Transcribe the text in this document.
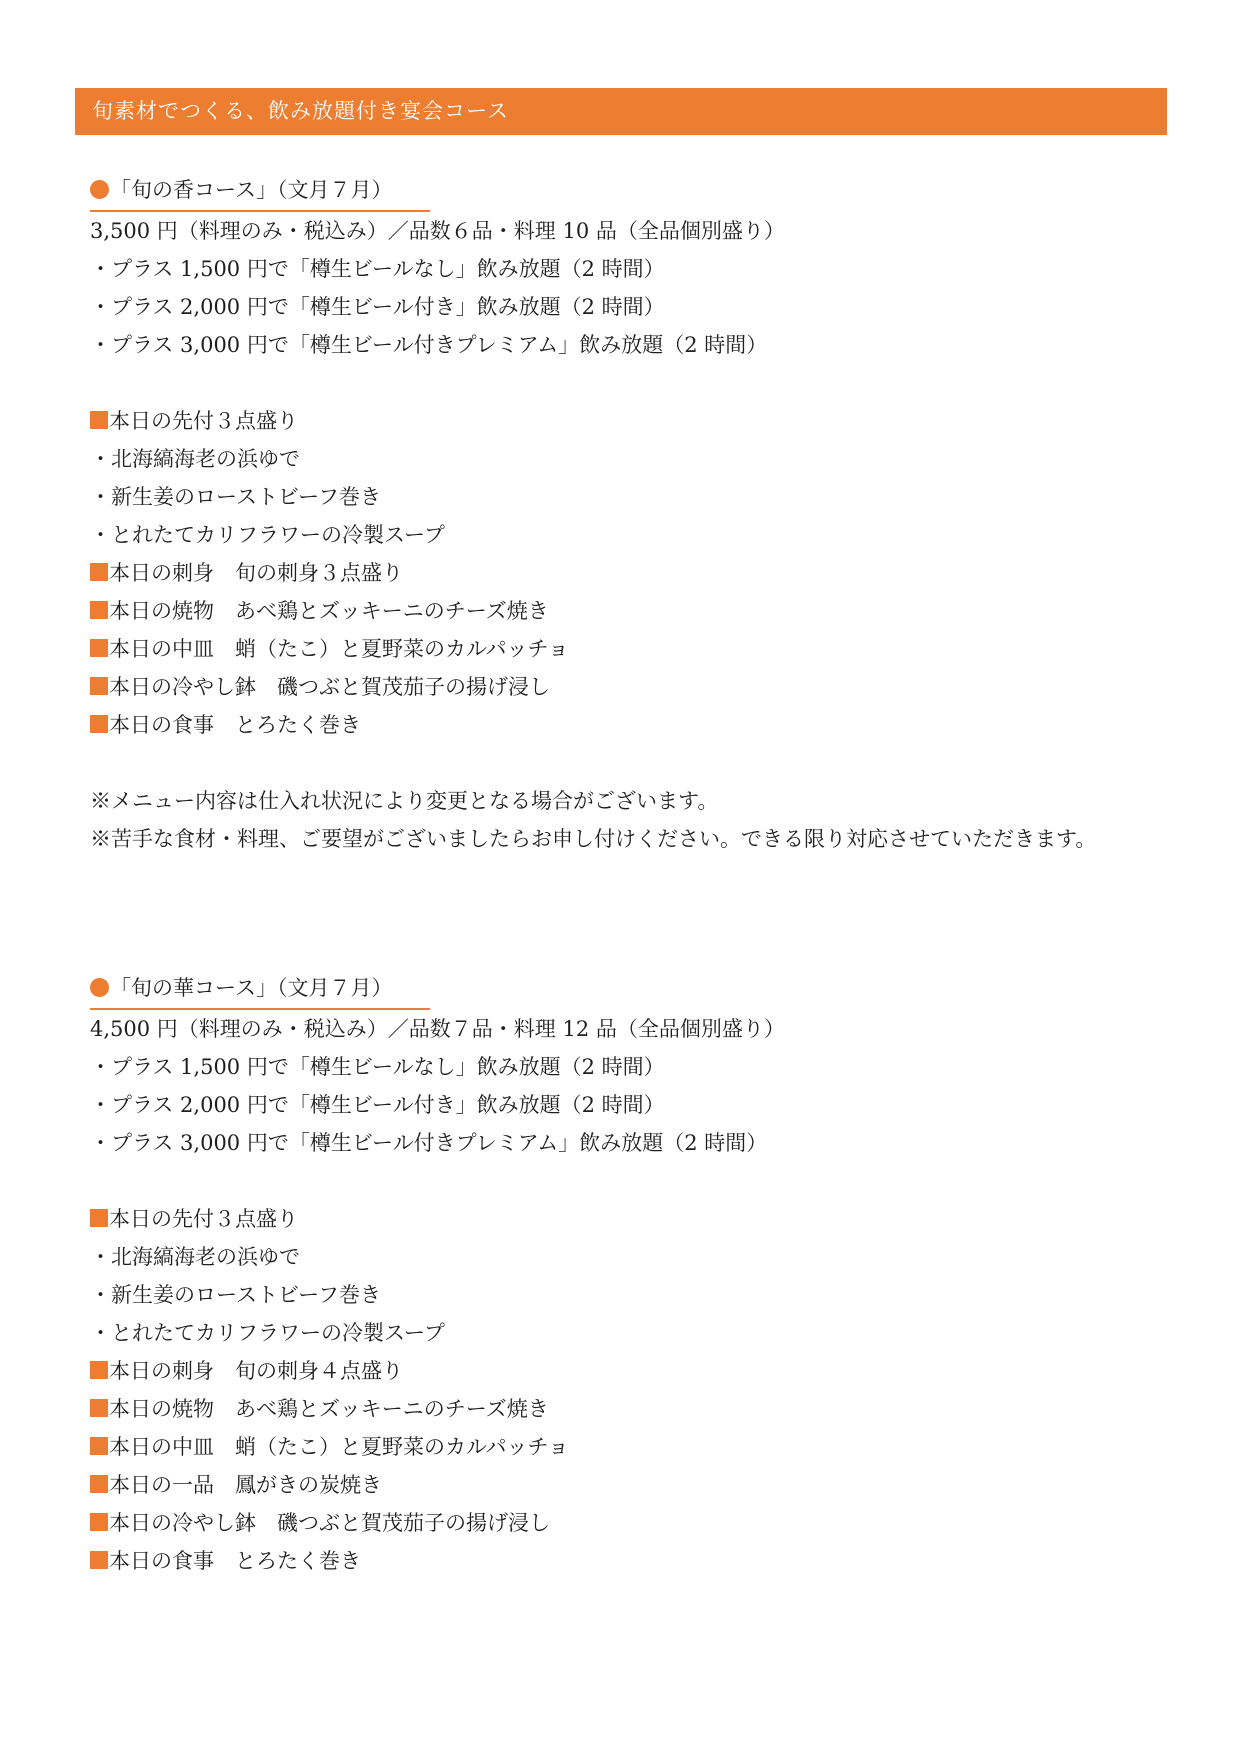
旬素材でつくる、飲み放題付き宴会コース
「旬の香コース」（文月７月）
3,500 円（料理のみ・税込み）／品数６品・料理 10 品（全品個別盛り）
・プラス 1,500 円で「樽生ビールなし」飲み放題（2 時間）
・プラス 2,000 円で「樽生ビール付き」飲み放題（2 時間）
・プラス 3,000 円で「樽生ビール付きプレミアム」飲み放題（2 時間）
本日の先付３点盛り
・北海縞海老の浜ゆで
・新生姜のローストビーフ巻き
・とれたてカリフラワーの冷製スープ
本日の刺身　旬の刺身３点盛り
本日の焼物　あべ鶏とズッキーニのチーズ焼き
本日の中皿　蛸（たこ）と夏野菜のカルパッチョ
本日の冷やし鉢　磯つぶと賀茂茄子の揚げ浸し
本日の食事　とろたく巻き
※メニュー内容は仕入れ状況により変更となる場合がございます。
※苦手な食材・料理、ご要望がございましたらお申し付けください。できる限り対応させていただきます。
「旬の華コース」（文月７月）
4,500 円（料理のみ・税込み）／品数７品・料理 12 品（全品個別盛り）
・プラス 1,500 円で「樽生ビールなし」飲み放題（2 時間）
・プラス 2,000 円で「樽生ビール付き」飲み放題（2 時間）
・プラス 3,000 円で「樽生ビール付きプレミアム」飲み放題（2 時間）
本日の先付３点盛り
・北海縞海老の浜ゆで
・新生姜のローストビーフ巻き
・とれたてカリフラワーの冷製スープ
本日の刺身　旬の刺身４点盛り
本日の焼物　あべ鶏とズッキーニのチーズ焼き
本日の中皿　蛸（たこ）と夏野菜のカルパッチョ
本日の一品　鳳がきの炭焼き
本日の冷やし鉢　磯つぶと賀茂茄子の揚げ浸し
本日の食事　とろたく巻き
